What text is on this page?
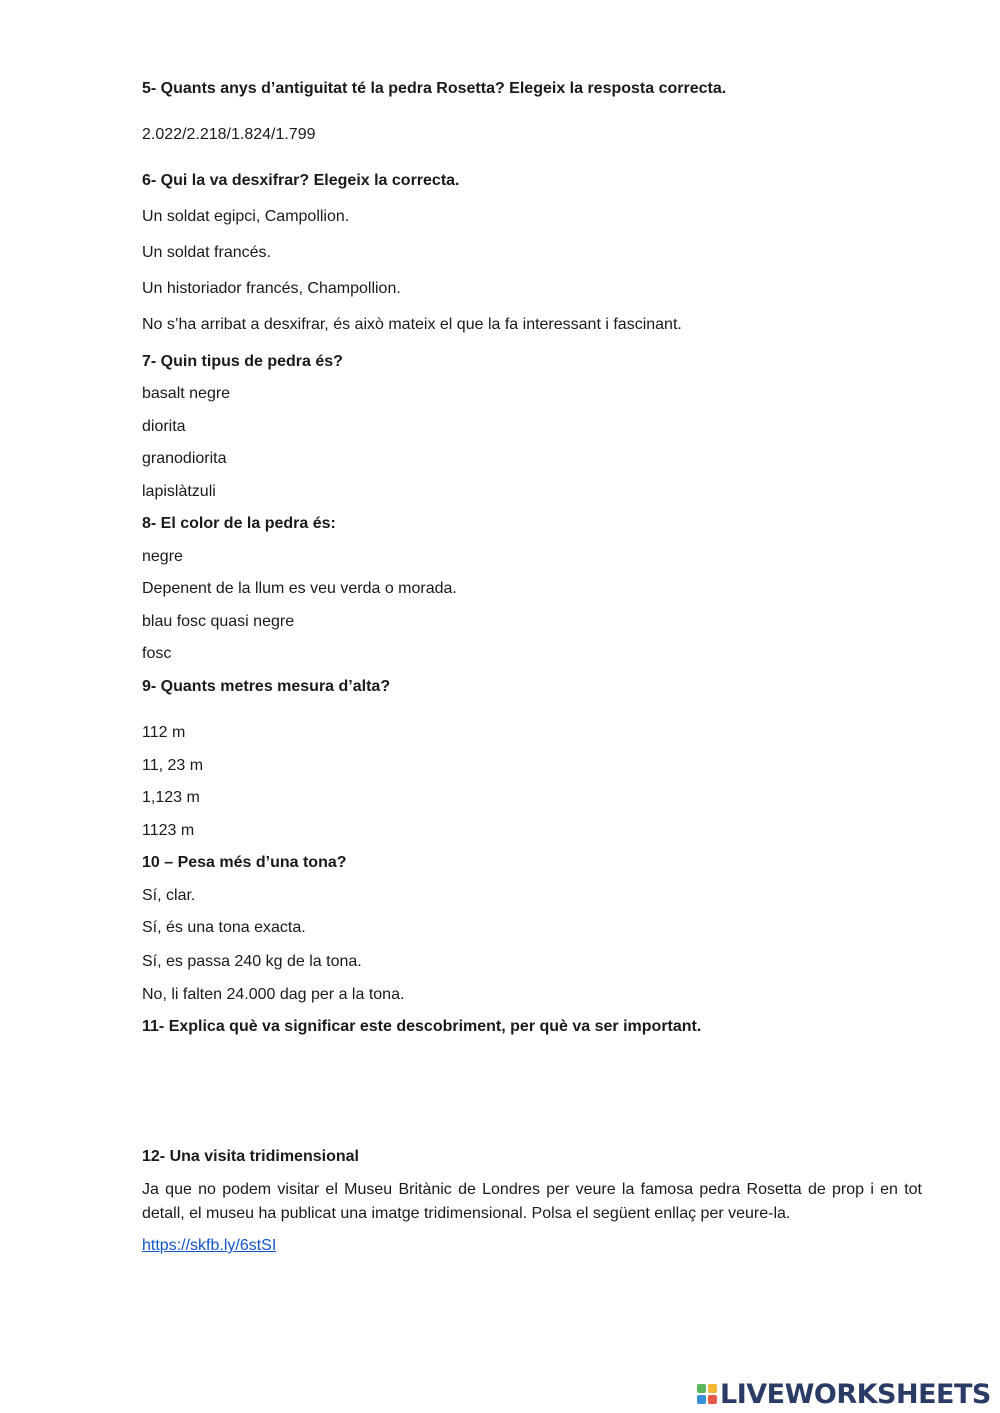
5- Quants anys d’antiguitat té la pedra Rosetta? Elegeix la resposta correcta.
2.022/2.218/1.824/1.799
6- Qui la va desxifrar? Elegeix la correcta.
Un soldat egipci, Campollion.
Un soldat francés.
Un historiador francés, Champollion.
No s’ha arribat a desxifrar, és això mateix el que la fa interessant i fascinant.
7- Quin tipus de pedra és?
basalt negre
diorita
granodiorita
lapislàtzuli
8- El color de la pedra és:
negre
Depenent de la llum es veu verda o morada.
blau fosc quasi negre
fosc
9- Quants metres mesura d’alta?
112 m
11, 23 m
1,123 m
1123 m
10 – Pesa més d’una tona?
Sí, clar.
Sí, és una tona exacta.
Sí, es passa 240 kg de la tona.
No, li falten 24.000 dag per a la tona.
11- Explica què va significar este descobriment, per què va ser important.
12- Una visita tridimensional
Ja que no podem visitar el Museu Britànic de Londres per veure la famosa pedra Rosetta de prop i en tot detall, el museu ha publicat una imatge tridimensional. Polsa el següent enllaç per veure-la.
https://skfb.ly/6stSI
LIVEWORKSHEETS
